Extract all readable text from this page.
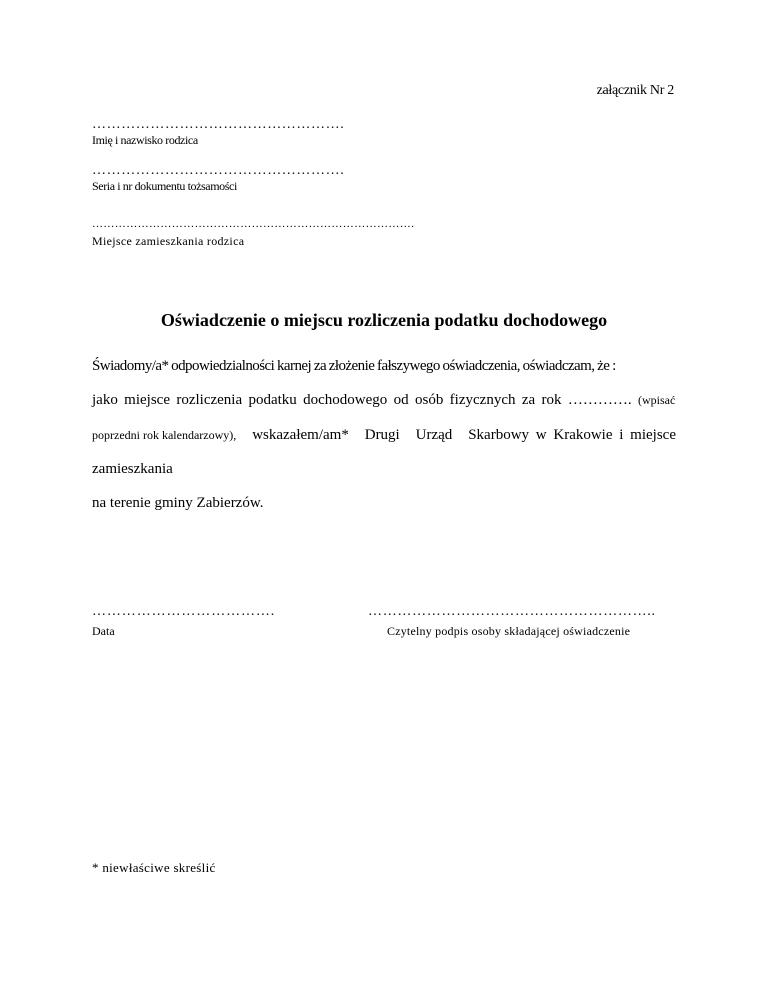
załącznik Nr 2
…………………………………………….
Imię i nazwisko rodzica
…………………………………………….
Seria i nr dokumentu tożsamości
………………………………………………………………………….
Miejsce zamieszkania rodzica
Oświadczenie o miejscu rozliczenia podatku dochodowego
Świadomy/a* odpowiedzialności karnej za złożenie fałszywego oświadczenia, oświadczam, że :
jako miejsce rozliczenia podatku dochodowego od osób fizycznych za rok …………. (wpisać
poprzedni rok kalendarzowy), wskazałem/am* Drugi Urząd Skarbowy w Krakowie i miejsce
zamieszkania
na terenie gminy Zabierzów.
……………………………….
Data
…………………………………………………..
Czytelny podpis osoby składającej oświadczenie
* niewłaściwe skreślić
